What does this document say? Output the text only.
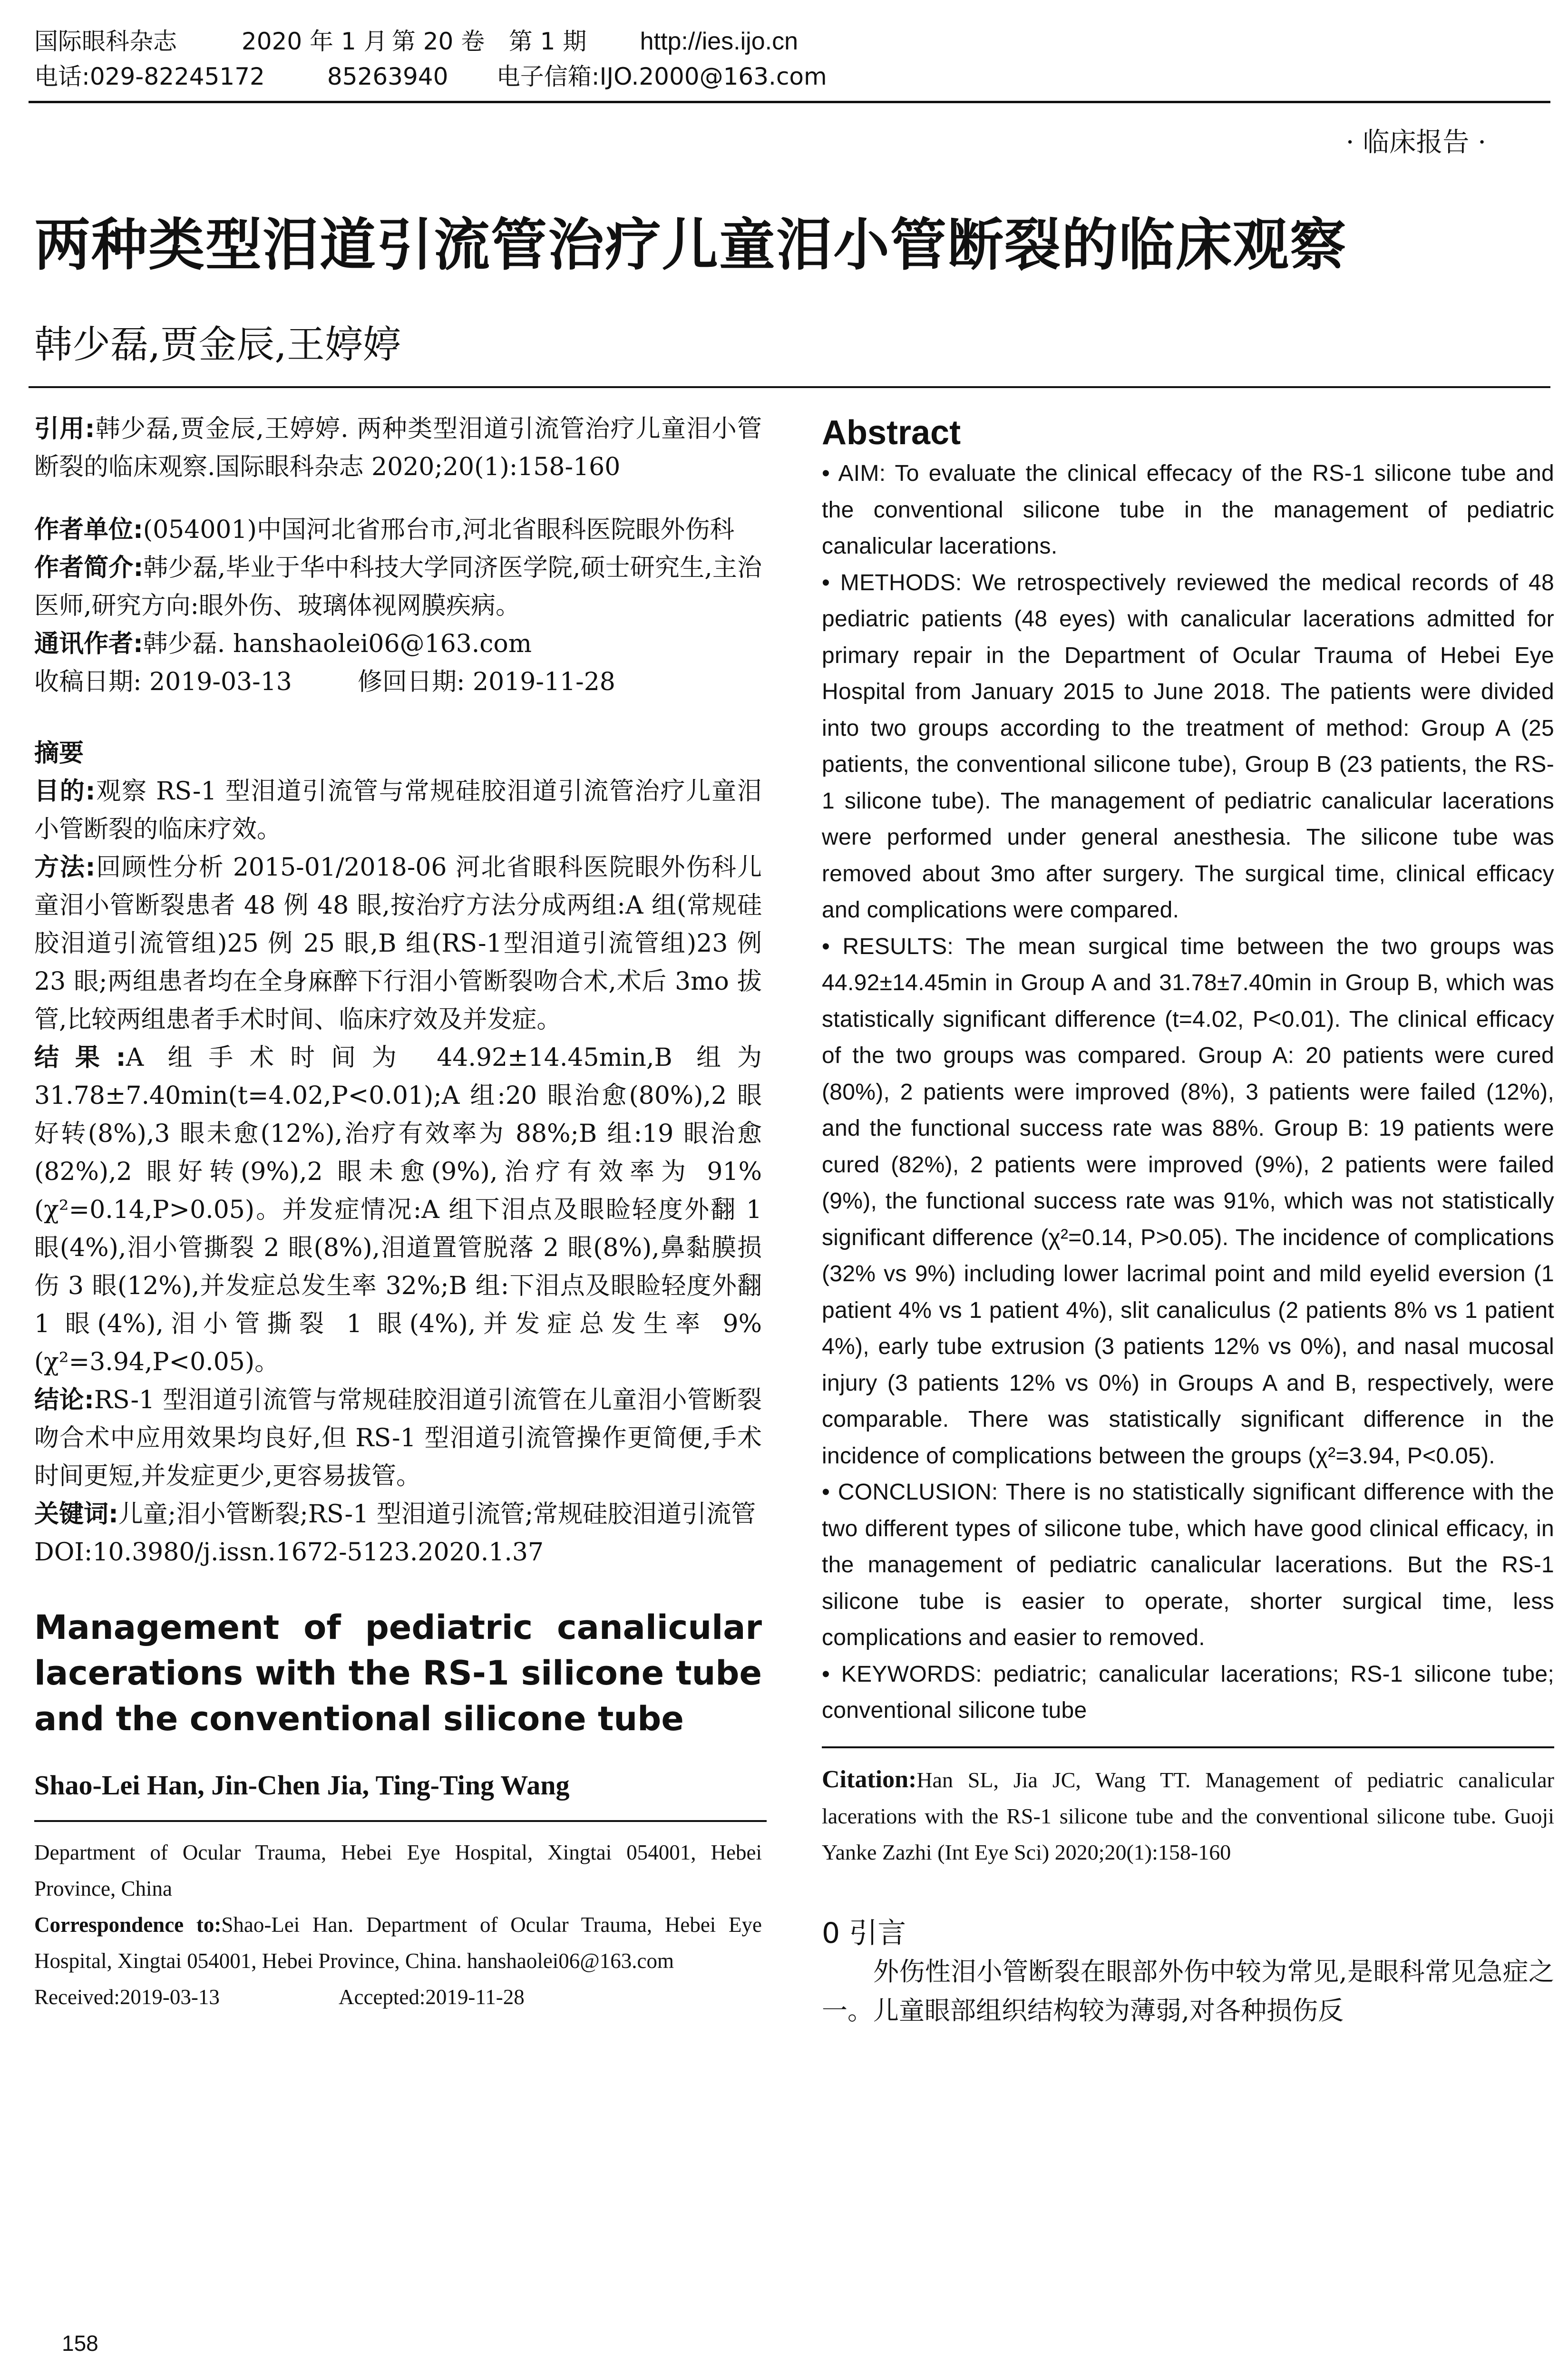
国际眼科杂志	2020 年 1 月 第 20 卷 第 1 期 http://ies.ijo.cn
电话:029-82245172	85263940 电子信箱:IJO.2000@163.com
· 临床报告 ·
两种类型泪道引流管治疗儿童泪小管断裂的临床观察
韩少磊,贾金辰,王婷婷
引用:韩少磊,贾金辰,王婷婷. 两种类型泪道引流管治疗儿童泪小管断裂的临床观察.国际眼科杂志 2020;20(1):158-160
作者单位:(054001)中国河北省邢台市,河北省眼科医院眼外伤科
作者简介:韩少磊,毕业于华中科技大学同济医学院,硕士研究生,主治医师,研究方向:眼外伤、玻璃体视网膜疾病。
通讯作者:韩少磊. hanshaolei06@163.com
收稿日期: 2019-03-13	修回日期: 2019-11-28
摘要
目的:观察 RS-1 型泪道引流管与常规硅胶泪道引流管治疗儿童泪小管断裂的临床疗效。
方法:回顾性分析 2015-01/2018-06 河北省眼科医院眼外伤科儿童泪小管断裂患者 48 例 48 眼,按治疗方法分成两组:A 组(常规硅胶泪道引流管组)25 例 25 眼,B 组(RS-1型泪道引流管组)23 例 23 眼;两组患者均在全身麻醉下行泪小管断裂吻合术,术后 3mo 拔管,比较两组患者手术时间、临床疗效及并发症。
结果:A 组手术时间为 44.92±14.45min,B 组为 31.78±7.40min(t=4.02,P<0.01);A 组:20 眼治愈(80%),2 眼好转(8%),3 眼未愈(12%),治疗有效率为 88%;B 组:19 眼治愈(82%),2 眼好转(9%),2 眼未愈(9%),治疗有效率为 91%(χ²=0.14,P>0.05)。并发症情况:A 组下泪点及眼睑轻度外翻 1 眼(4%),泪小管撕裂 2 眼(8%),泪道置管脱落 2 眼(8%),鼻黏膜损伤 3 眼(12%),并发症总发生率 32%;B 组:下泪点及眼睑轻度外翻 1 眼(4%),泪小管撕裂 1 眼(4%),并发症总发生率 9%(χ²=3.94,P<0.05)。
结论:RS-1 型泪道引流管与常规硅胶泪道引流管在儿童泪小管断裂吻合术中应用效果均良好,但 RS-1 型泪道引流管操作更简便,手术时间更短,并发症更少,更容易拔管。
关键词:儿童;泪小管断裂;RS-1 型泪道引流管;常规硅胶泪道引流管
DOI:10.3980/j.issn.1672-5123.2020.1.37
Management of pediatric canalicular lacerations with the RS-1 silicone tube and the conventional silicone tube
Shao-Lei Han, Jin-Chen Jia, Ting-Ting Wang
Department of Ocular Trauma, Hebei Eye Hospital, Xingtai 054001, Hebei Province, China
Correspondence to:Shao-Lei Han. Department of Ocular Trauma, Hebei Eye Hospital, Xingtai 054001, Hebei Province, China. hanshaolei06@163.com
Received:2019-03-13	Accepted:2019-11-28
Abstract
• AIM: To evaluate the clinical effecacy of the RS-1 silicone tube and the conventional silicone tube in the management of pediatric canalicular lacerations.
• METHODS: We retrospectively reviewed the medical records of 48 pediatric patients (48 eyes) with canalicular lacerations admitted for primary repair in the Department of Ocular Trauma of Hebei Eye Hospital from January 2015 to June 2018. The patients were divided into two groups according to the treatment of method: Group A (25 patients, the conventional silicone tube), Group B (23 patients, the RS-1 silicone tube). The management of pediatric canalicular lacerations were performed under general anesthesia. The silicone tube was removed about 3mo after surgery. The surgical time, clinical efficacy and complications were compared.
• RESULTS: The mean surgical time between the two groups was 44.92±14.45min in Group A and 31.78±7.40min in Group B, which was statistically significant difference (t=4.02, P<0.01). The clinical efficacy of the two groups was compared. Group A: 20 patients were cured (80%), 2 patients were improved (8%), 3 patients were failed (12%), and the functional success rate was 88%. Group B: 19 patients were cured (82%), 2 patients were improved (9%), 2 patients were failed (9%), the functional success rate was 91%, which was not statistically significant difference (χ²=0.14, P>0.05). The incidence of complications (32% vs 9%) including lower lacrimal point and mild eyelid eversion (1 patient 4% vs 1 patient 4%), slit canaliculus (2 patients 8% vs 1 patient 4%), early tube extrusion (3 patients 12% vs 0%), and nasal mucosal injury (3 patients 12% vs 0%) in Groups A and B, respectively, were comparable. There was statistically significant difference in the incidence of complications between the groups (χ²=3.94, P<0.05).
• CONCLUSION: There is no statistically significant difference with the two different types of silicone tube, which have good clinical efficacy, in the management of pediatric canalicular lacerations. But the RS-1 silicone tube is easier to operate, shorter surgical time, less complications and easier to removed.
• KEYWORDS: pediatric; canalicular lacerations; RS-1 silicone tube; conventional silicone tube
Citation:Han SL, Jia JC, Wang TT. Management of pediatric canalicular lacerations with the RS-1 silicone tube and the conventional silicone tube. Guoji Yanke Zazhi (Int Eye Sci) 2020;20(1):158-160
0 引言
外伤性泪小管断裂在眼部外伤中较为常见,是眼科常见急症之一。儿童眼部组织结构较为薄弱,对各种损伤反
158
